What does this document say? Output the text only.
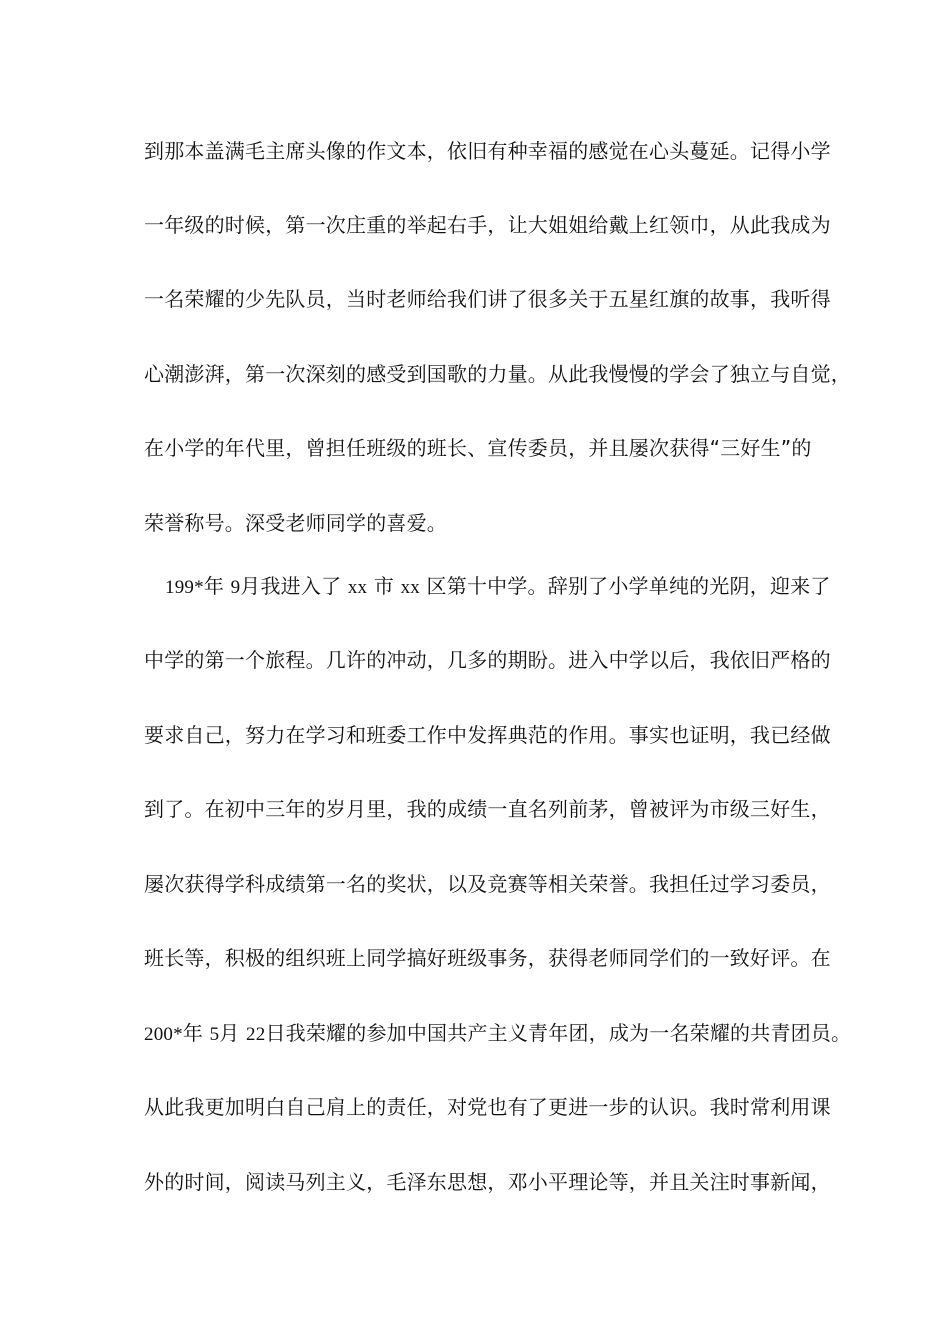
到那本盖满毛主席头像的作文本，依旧有种幸福的感觉在心头蔓延。记得小学
一年级的时候，第一次庄重的举起右手，让大姐姐给戴上红领巾，从此我成为
一名荣耀的少先队员，当时老师给我们讲了很多关于五星红旗的故事，我听得
心潮澎湃，第一次深刻的感受到国歌的力量。从此我慢慢的学会了独立与自觉，
在小学的年代里，曾担任班级的班长、宣传委员，并且屡次获得“三好生”的
荣誉称号。深受老师同学的喜爱。
199*年 9月我进入了 xx 市 xx 区第十中学。辞别了小学单纯的光阴，迎来了
中学的第一个旅程。几许的冲动，几多的期盼。进入中学以后，我依旧严格的
要求自己，努力在学习和班委工作中发挥典范的作用。事实也证明，我已经做
到了。在初中三年的岁月里，我的成绩一直名列前茅，曾被评为市级三好生，
屡次获得学科成绩第一名的奖状，以及竞赛等相关荣誉。我担任过学习委员，
班长等，积极的组织班上同学搞好班级事务，获得老师同学们的一致好评。在
200*年 5月 22日我荣耀的参加中国共产主义青年团，成为一名荣耀的共青团员。
从此我更加明白自己肩上的责任，对党也有了更进一步的认识。我时常利用课
外的时间，阅读马列主义，毛泽东思想，邓小平理论等，并且关注时事新闻，
